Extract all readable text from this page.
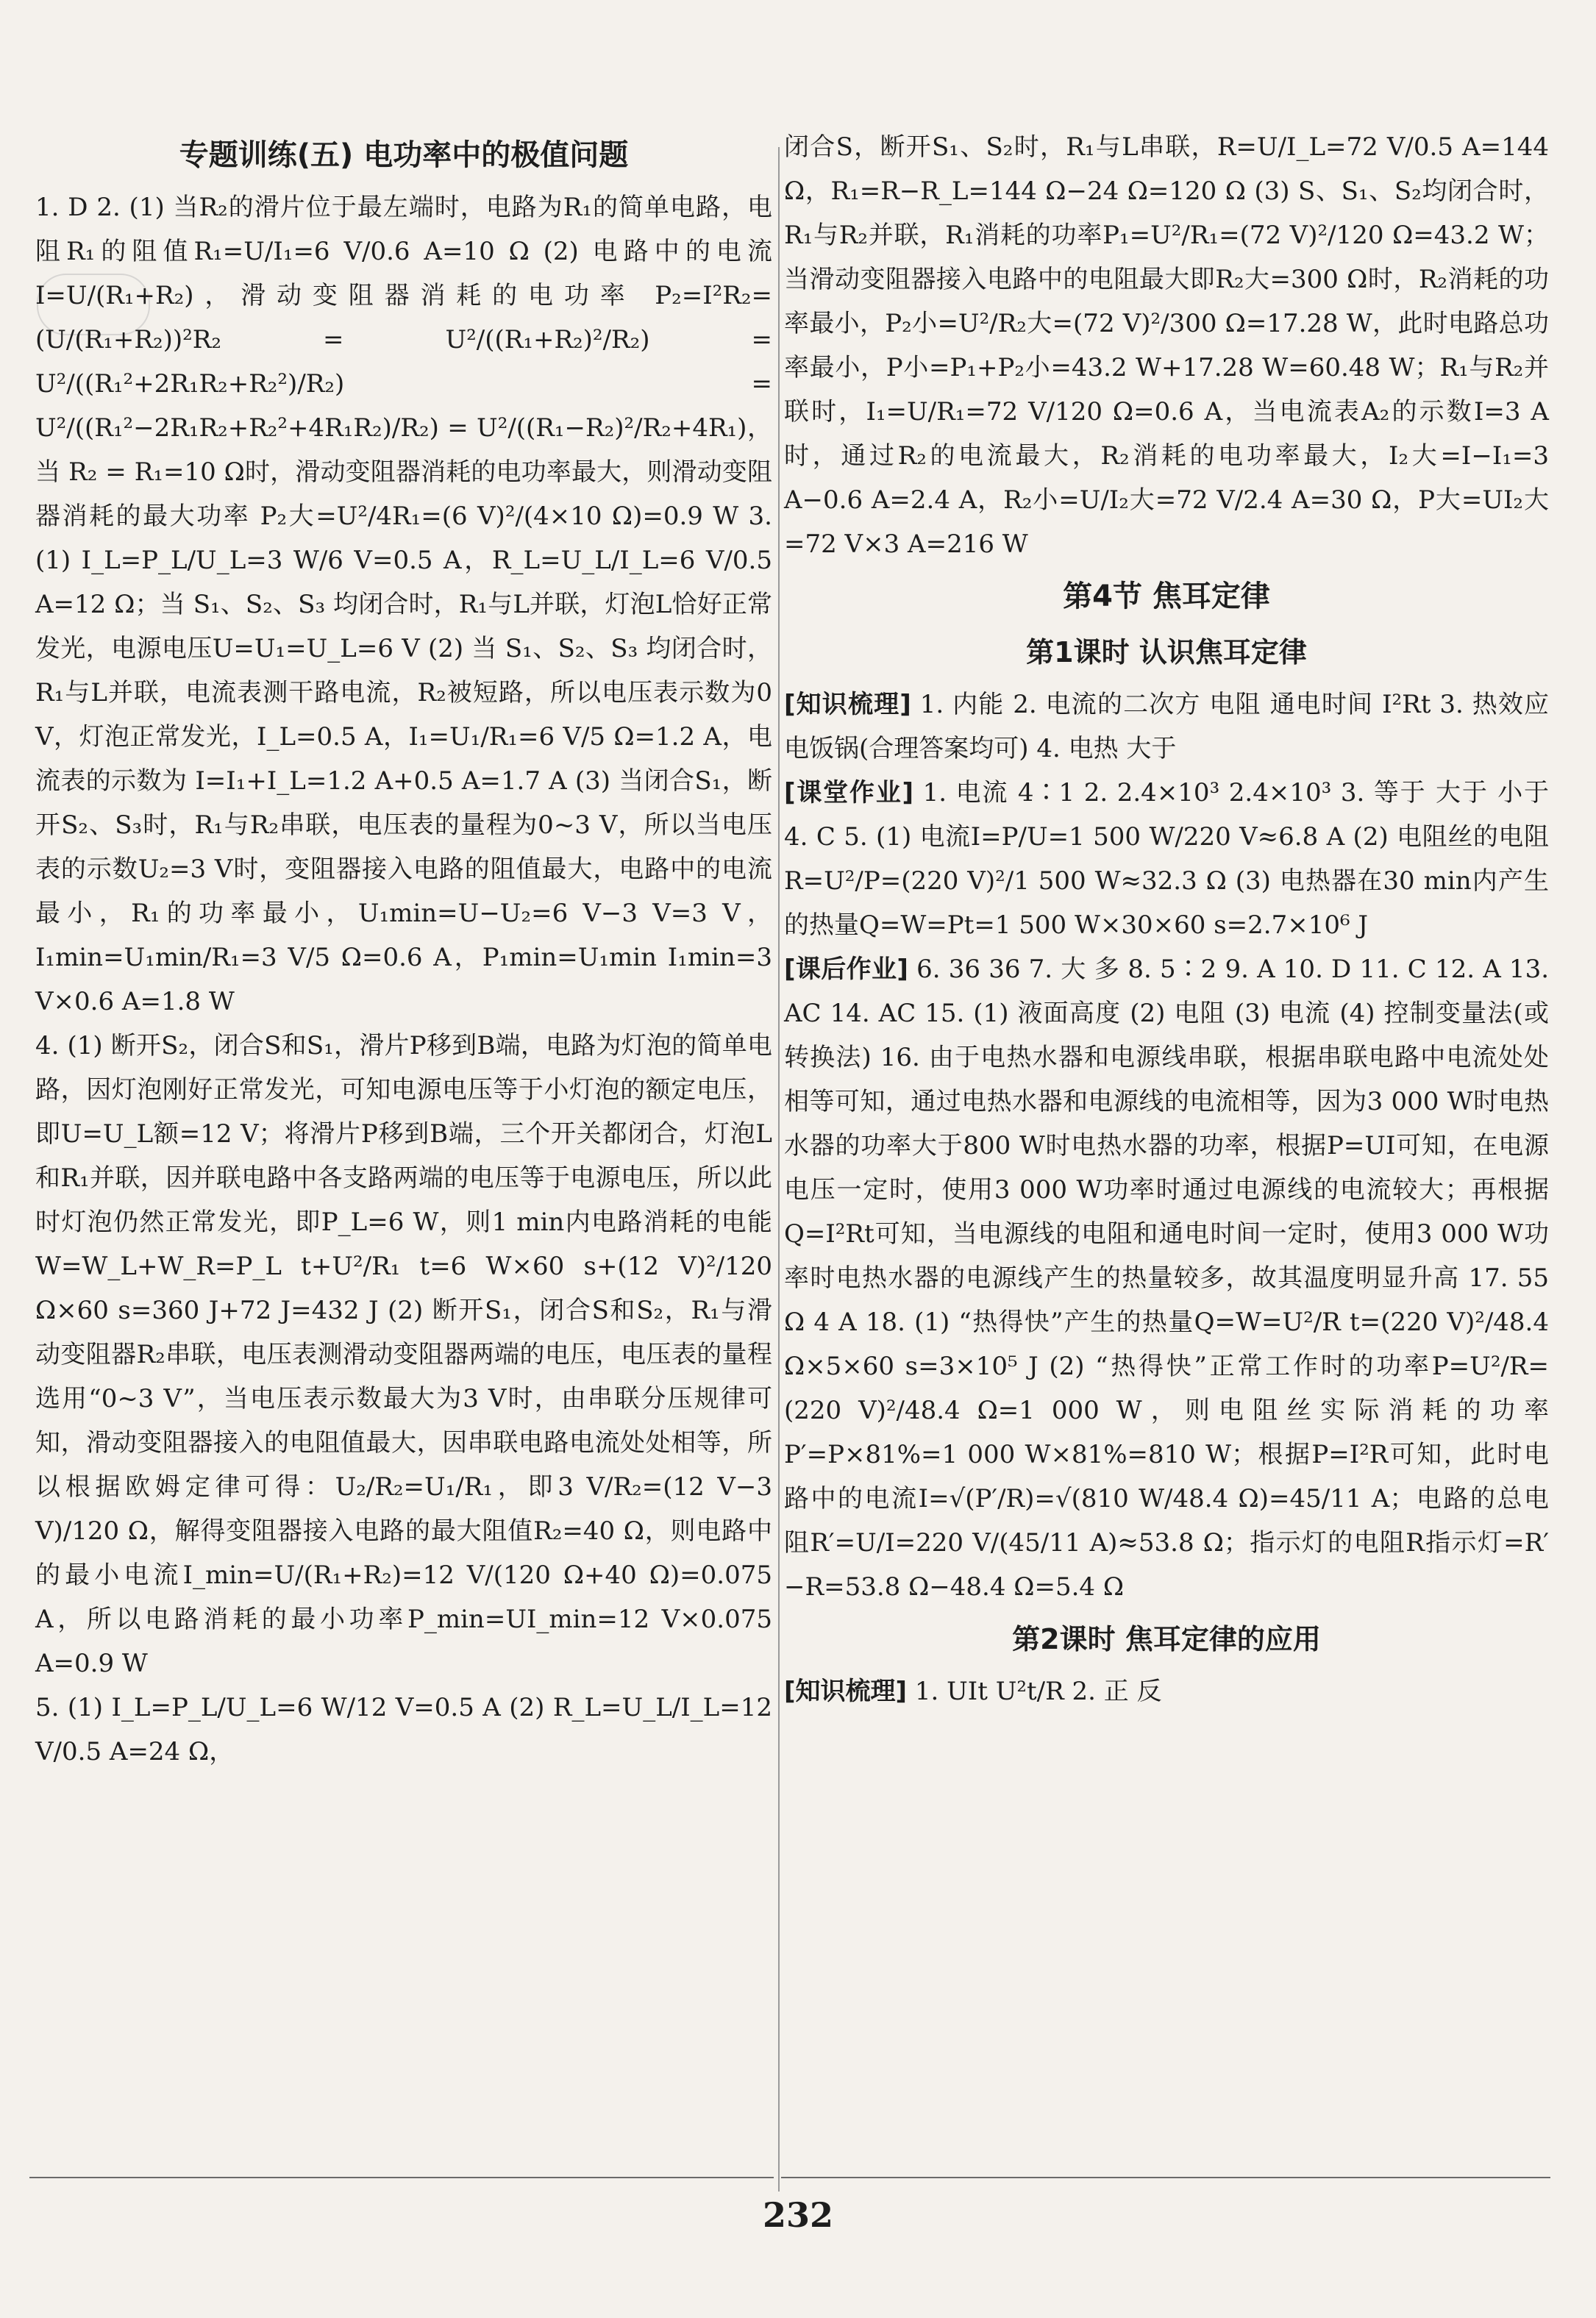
专题训练(五) 电功率中的极值问题

1. D 2. (1) 当R₂的滑片位于最左端时，电路为R₁的简单电路，电阻R₁的阻值R₁=U/I₁=6 V/0.6 A=10 Ω (2) 电路中的电流I=U/(R₁+R₂)，滑动变阻器消耗的电功率 P₂=I²R₂=(U/(R₁+R₂))²R₂ = U²/((R₁+R₂)²/R₂) = U²/((R₁²+2R₁R₂+R₂²)/R₂) = U²/((R₁²−2R₁R₂+R₂²+4R₁R₂)/R₂) = U²/((R₁−R₂)²/R₂+4R₁)，当 R₂ = R₁=10 Ω时，滑动变阻器消耗的电功率最大，则滑动变阻器消耗的最大功率 P₂大=U²/4R₁=(6 V)²/(4×10 Ω)=0.9 W 3. (1) I_L=P_L/U_L=3 W/6 V=0.5 A，R_L=U_L/I_L=6 V/0.5 A=12 Ω；当 S₁、S₂、S₃ 均闭合时，R₁与L并联，灯泡L恰好正常发光，电源电压U=U₁=U_L=6 V (2) 当 S₁、S₂、S₃ 均闭合时，R₁与L并联，电流表测干路电流，R₂被短路，所以电压表示数为0 V，灯泡正常发光，I_L=0.5 A，I₁=U₁/R₁=6 V/5 Ω=1.2 A，电流表的示数为 I=I₁+I_L=1.2 A+0.5 A=1.7 A (3) 当闭合S₁，断开S₂、S₃时，R₁与R₂串联，电压表的量程为0~3 V，所以当电压表的示数U₂=3 V时，变阻器接入电路的阻值最大，电路中的电流最小，R₁的功率最小，U₁min=U−U₂=6 V−3 V=3 V，I₁min=U₁min/R₁=3 V/5 Ω=0.6 A，P₁min=U₁min I₁min=3 V×0.6 A=1.8 W

4. (1) 断开S₂，闭合S和S₁，滑片P移到B端，电路为灯泡的简单电路，因灯泡刚好正常发光，可知电源电压等于小灯泡的额定电压，即U=U_L额=12 V；将滑片P移到B端，三个开关都闭合，灯泡L和R₁并联，因并联电路中各支路两端的电压等于电源电压，所以此时灯泡仍然正常发光，即P_L=6 W，则1 min内电路消耗的电能W=W_L+W_R=P_L t+U²/R₁ t=6 W×60 s+(12 V)²/120 Ω×60 s=360 J+72 J=432 J (2) 断开S₁，闭合S和S₂，R₁与滑动变阻器R₂串联，电压表测滑动变阻器两端的电压，电压表的量程选用“0~3 V”，当电压表示数最大为3 V时，由串联分压规律可知，滑动变阻器接入的电阻值最大，因串联电路电流处处相等，所以根据欧姆定律可得：U₂/R₂=U₁/R₁，即3 V/R₂=(12 V−3 V)/120 Ω，解得变阻器接入电路的最大阻值R₂=40 Ω，则电路中的最小电流I_min=U/(R₁+R₂)=12 V/(120 Ω+40 Ω)=0.075 A，所以电路消耗的最小功率P_min=UI_min=12 V×0.075 A=0.9 W

5. (1) I_L=P_L/U_L=6 W/12 V=0.5 A (2) R_L=U_L/I_L=12 V/0.5 A=24 Ω，

闭合S，断开S₁、S₂时，R₁与L串联，R=U/I_L=72 V/0.5 A=144 Ω，R₁=R−R_L=144 Ω−24 Ω=120 Ω (3) S、S₁、S₂均闭合时，R₁与R₂并联，R₁消耗的功率P₁=U²/R₁=(72 V)²/120 Ω=43.2 W；当滑动变阻器接入电路中的电阻最大即R₂大=300 Ω时，R₂消耗的功率最小，P₂小=U²/R₂大=(72 V)²/300 Ω=17.28 W，此时电路总功率最小，P小=P₁+P₂小=43.2 W+17.28 W=60.48 W；R₁与R₂并联时，I₁=U/R₁=72 V/120 Ω=0.6 A，当电流表A₂的示数I=3 A时，通过R₂的电流最大，R₂消耗的电功率最大，I₂大=I−I₁=3 A−0.6 A=2.4 A，R₂小=U/I₂大=72 V/2.4 A=30 Ω，P大=UI₂大=72 V×3 A=216 W

第4节 焦耳定律
第1课时 认识焦耳定律

[知识梳理] 1. 内能 2. 电流的二次方 电阻 通电时间 I²Rt 3. 热效应 电饭锅(合理答案均可) 4. 电热 大于

[课堂作业] 1. 电流 4∶1 2. 2.4×10³ 2.4×10³ 3. 等于 大于 小于 4. C 5. (1) 电流I=P/U=1 500 W/220 V≈6.8 A (2) 电阻丝的电阻R=U²/P=(220 V)²/1 500 W≈32.3 Ω (3) 电热器在30 min内产生的热量Q=W=Pt=1 500 W×30×60 s=2.7×10⁶ J

[课后作业] 6. 36 36 7. 大 多 8. 5∶2 9. A 10. D 11. C 12. A 13. AC 14. AC 15. (1) 液面高度 (2) 电阻 (3) 电流 (4) 控制变量法(或转换法) 16. 由于电热水器和电源线串联，根据串联电路中电流处处相等可知，通过电热水器和电源线的电流相等，因为3 000 W时电热水器的功率大于800 W时电热水器的功率，根据P=UI可知，在电源电压一定时，使用3 000 W功率时通过电源线的电流较大；再根据Q=I²Rt可知，当电源线的电阻和通电时间一定时，使用3 000 W功率时电热水器的电源线产生的热量较多，故其温度明显升高 17. 55 Ω 4 A 18. (1) “热得快”产生的热量Q=W=U²/R t=(220 V)²/48.4 Ω×5×60 s=3×10⁵ J (2) “热得快”正常工作时的功率P=U²/R=(220 V)²/48.4 Ω=1 000 W，则电阻丝实际消耗的功率P′=P×81%=1 000 W×81%=810 W；根据P=I²R可知，此时电路中的电流I=√(P′/R)=√(810 W/48.4 Ω)=45/11 A；电路的总电阻R′=U/I=220 V/(45/11 A)≈53.8 Ω；指示灯的电阻R指示灯=R′−R=53.8 Ω−48.4 Ω=5.4 Ω

第2课时 焦耳定律的应用

[知识梳理] 1. UIt U²t/R 2. 正 反

232
